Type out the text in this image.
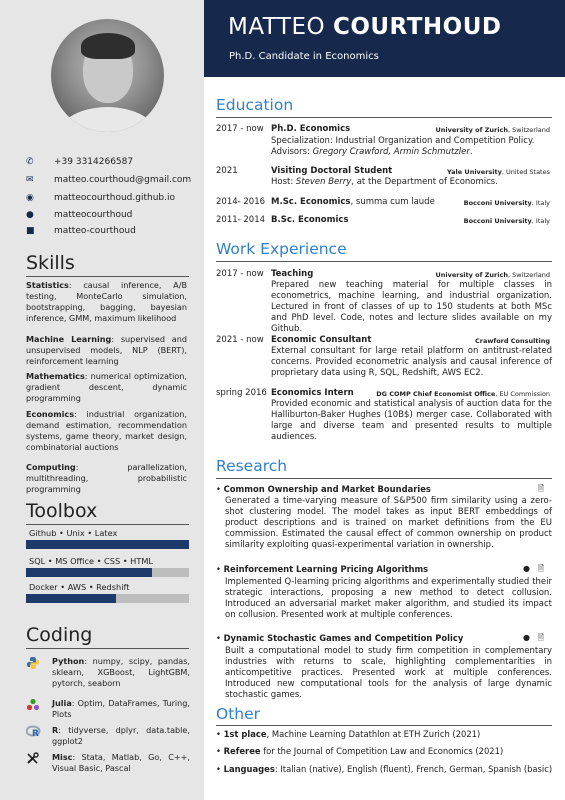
✆ +39 3314266587
✉ matteo.courthoud@gmail.com
◉ matteocourthoud.github.io
● matteocourthoud
■ matteo-courthoud
Skills
Statistics: causal inference, A/B testing, MonteCarlo simulation, bootstrapping, bagging, bayesian inference, GMM, maximum likelihood
Machine Learning: supervised and unsupervised models, NLP (BERT), reinforcement learning
Mathematics: numerical optimization, gradient descent, dynamic programming
Economics: industrial organization, demand estimation, recommendation systems, game theory, market design, combinatorial auctions
Computing: parallelization, multithreading, probabilistic programming
Toolbox
Github • Unix • Latex
SQL • MS Office • CSS • HTML
Docker • AWS • Redshift
Coding
Python: numpy, scipy, pandas, sklearn, XGBoost, LightGBM, pytorch, seaborn
Julia: Optim, DataFrames, Turing, Plots
R R: tidyverse, dplyr, data.table, ggplot2
Misc: Stata, Matlab, Go, C++, Visual Basic, Pascal
MATTEO COURTHOUD
Ph.D. Candidate in Economics
Education
2017 - now Ph.D. Economics	University of Zurich, Switzerland
Specialization: Industrial Organization and Competition Policy.
Advisors: Gregory Crawford, Armin Schmutzler.
2021	Visiting Doctoral Student	Yale University, United States
Host: Steven Berry, at the Department of Economics.
2014- 2016 M.Sc. Economics, summa cum laude	Bocconi University, Italy
2011- 2014 B.Sc. Economics	Bocconi University, Italy
Work Experience
2017 - now Teaching	University of Zurich, Switzerland
Prepared new teaching material for multiple classes in econometrics, machine learning, and industrial organization. Lectured in front of classes of up to 150 students at both MSc and PhD level. Code, notes and lecture slides available on my Github.
2021 - now Economic Consultant	Crawford Consulting
External consultant for large retail platform on antitrust-related concerns. Provided econometric analysis and causal inference of proprietary data using R, SQL, Redshift, AWS EC2.
spring 2016 Economics Intern	DG COMP Chief Economist Office, EU Commission
Provided economic and statistical analysis of auction data for the Halliburton-Baker Hughes (10B$) merger case. Collaborated with large and diverse team and presented results to multiple audiences.
Research
• Common Ownership and Market Boundaries	🗎
Generated a time-varying measure of S&P500 firm similarity using a zero-shot clustering model. The model takes as input BERT embeddings of product descriptions and is trained on market definitions from the EU commission. Estimated the causal effect of common ownership on product similarity exploiting quasi-experimental variation in ownership.
• Reinforcement Learning Pricing Algorithms	● 🗎
Implemented Q-learning pricing algorithms and experimentally studied their strategic interactions, proposing a new method to detect collusion. Introduced an adversarial market maker algorithm, and studied its impact on collusion. Presented work at multiple conferences.
• Dynamic Stochastic Games and Competition Policy	● 🗎
Built a computational model to study firm competition in complementary industries with returns to scale, highlighting complementarities in anticompetitive practices. Presented work at multiple conferences. Introduced new computational tools for the analysis of large dynamic stochastic games.
Other
• 1st place, Machine Learning Datathlon at ETH Zurich (2021)
• Referee for the Journal of Competition Law and Economics (2021)
• Languages: Italian (native), English (fluent), French, German, Spanish (basic)
